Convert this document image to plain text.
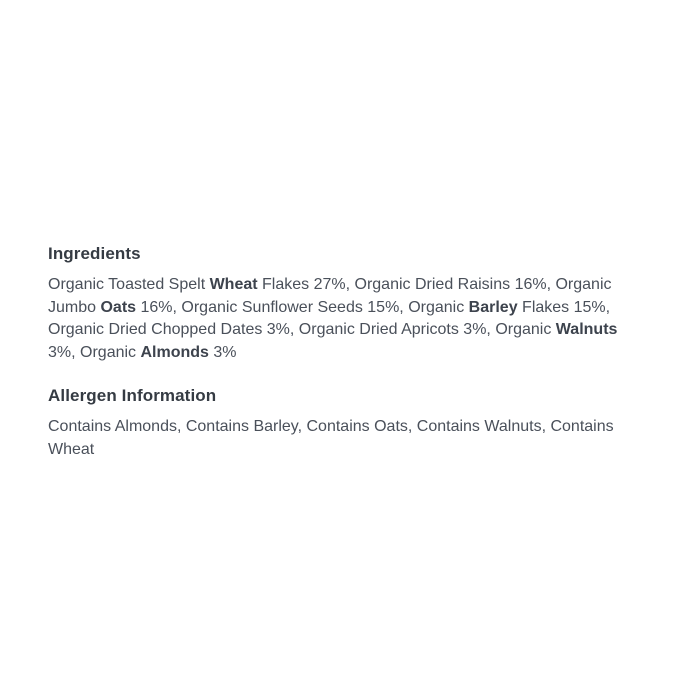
Ingredients
Organic Toasted Spelt Wheat Flakes 27%, Organic Dried Raisins 16%, Organic
Jumbo Oats 16%, Organic Sunflower Seeds 15%, Organic Barley Flakes 15%,
Organic Dried Chopped Dates 3%, Organic Dried Apricots 3%, Organic Walnuts
3%, Organic Almonds 3%
Allergen Information
Contains Almonds, Contains Barley, Contains Oats, Contains Walnuts, Contains
Wheat
